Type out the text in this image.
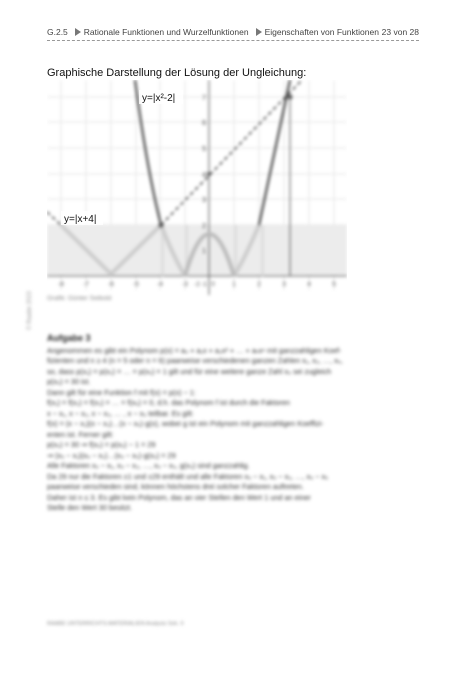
G.2.5 Rationale Funktionen und Wurzelfunktionen Eigenschaften von Funktionen 23 von 28
Graphische Darstellung der Lösung der Ungleichung:
7
6
5
4
3
2
1
-8	-7	-6	-5	-4	-3 -2 -1 0	1	2	3	4	5
y=|x²-2|
y=|x+4|
Grafik: Günter Seibold
© Raabe 2023
Aufgabe 3

Angenommen es gibt ein Polynom p(x) = a₀ + a₁x + a₂x² + … + aₙxⁿ mit ganzzahligen Koef-

fizienten und n ≥ 4 (n = 5 oder n = 6) paarweise verschiedenen ganzen Zahlen x₁, x₂, …, x₅,

so, dass p(x₁) = p(x₂) = … = p(x₅) = 1 gilt und für eine weitere ganze Zahl x₀ sei zugleich

p(x₀) = 30 ist.

Dann gilt für eine Funktion f mit f(x) = p(x) − 1:

f(x₁) = f(x₂) = f(x₃) = … = f(x₅) = 0, d.h. das Polynom f ist durch die Faktoren

x − x₁, x − x₂, x − x₃, … , x − x₅ teilbar. Es gilt:

f(x) = (x − x₁)(x − x₂)…(x − x₅)·g(x), wobei g ist ein Polynom mit ganzzahligen Koeffizi-

enten ist. Ferner gilt:

p(x₀) = 30 ⇒ f(x₀) = p(x₀) − 1 = 29

⇒ (x₀ − x₁)(x₀ − x₂)…(x₀ − x₅)·g(x₀) = 29

Alle Faktoren x₀ − x₁, x₀ − x₂, …, x₀ − x₅, g(x₀) sind ganzzahlig.

Da 29 nur die Faktoren ±1 und ±29 enthält und alle Faktoren x₀ − x₁, x₀ − x₂, …, x₀ − x₅

paarweise verschieden sind, können höchstens drei solcher Faktoren auftreten.

Daher ist n ≤ 3. Es gibt kein Polynom, das an vier Stellen den Wert 1 und an einer

Stelle den Wert 30 besitzt.

RAABE UNTERRICHTS-MATERIALIEN Analysis Sek. II
